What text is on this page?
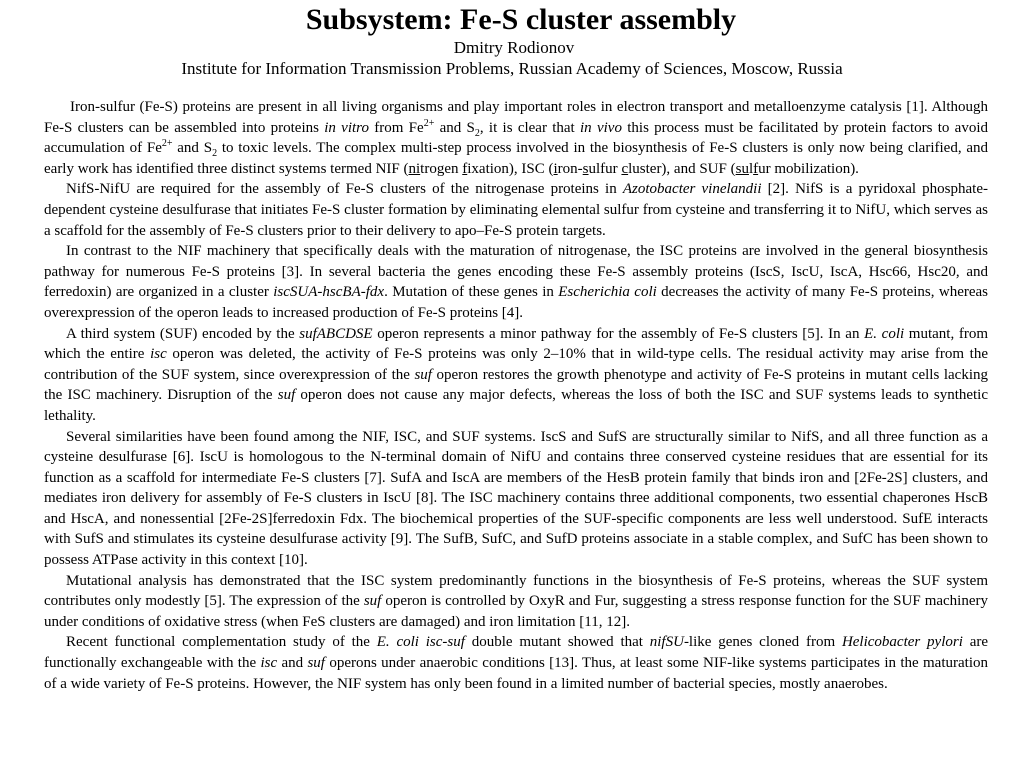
Subsystem: Fe-S cluster assembly
Dmitry Rodionov
Institute for Information Transmission Problems, Russian Academy of Sciences, Moscow, Russia

Iron-sulfur (Fe-S) proteins are present in all living organisms and play important roles in electron transport and metalloenzyme catalysis [1]. Although Fe-S clusters can be assembled into proteins in vitro from $Fe^{2+}$ and $S_2$, it is clear that in vivo this process must be facilitated by protein factors to avoid accumulation of $Fe^{2+}$ and $S_2$ to toxic levels. The complex multi-step process involved in the biosynthesis of Fe-S clusters is only now being clarified, and early work has identified three distinct systems termed NIF (nitrogen fixation), ISC (iron-sulfur cluster), and SUF (sulfur mobilization).

NifS-NifU are required for the assembly of Fe-S clusters of the nitrogenase proteins in Azotobacter vinelandii [2]. NifS is a pyridoxal phosphate-dependent cysteine desulfurase that initiates Fe-S cluster formation by eliminating elemental sulfur from cysteine and transferring it to NifU, which serves as a scaffold for the assembly of Fe-S clusters prior to their delivery to apo–Fe-S protein targets.

In contrast to the NIF machinery that specifically deals with the maturation of nitrogenase, the ISC proteins are involved in the general biosynthesis pathway for numerous Fe-S proteins [3]. In several bacteria the genes encoding these Fe-S assembly proteins (IscS, IscU, IscA, Hsc66, Hsc20, and ferredoxin) are organized in a cluster iscSUA-hscBA-fdx. Mutation of these genes in Escherichia coli decreases the activity of many Fe-S proteins, whereas overexpression of the operon leads to increased production of Fe-S proteins [4].

A third system (SUF) encoded by the sufABCDSE operon represents a minor pathway for the assembly of Fe-S clusters [5]. In an E. coli mutant, from which the entire isc operon was deleted, the activity of Fe-S proteins was only 2–10% that in wild-type cells. The residual activity may arise from the contribution of the SUF system, since overexpression of the suf operon restores the growth phenotype and activity of Fe-S proteins in mutant cells lacking the ISC machinery. Disruption of the suf operon does not cause any major defects, whereas the loss of both the ISC and SUF systems leads to synthetic lethality.

Several similarities have been found among the NIF, ISC, and SUF systems. IscS and SufS are structurally similar to NifS, and all three function as a cysteine desulfurase [6]. IscU is homologous to the N-terminal domain of NifU and contains three conserved cysteine residues that are essential for its function as a scaffold for intermediate Fe-S clusters [7]. SufA and IscA are members of the HesB protein family that binds iron and [2Fe-2S] clusters, and mediates iron delivery for assembly of Fe-S clusters in IscU [8]. The ISC machinery contains three additional components, two essential chaperones HscB and HscA, and nonessential [2Fe-2S]ferredoxin Fdx. The biochemical properties of the SUF-specific components are less well understood. SufE interacts with SufS and stimulates its cysteine desulfurase activity [9]. The SufB, SufC, and SufD proteins associate in a stable complex, and SufC has been shown to possess ATPase activity in this context [10].

Mutational analysis has demonstrated that the ISC system predominantly functions in the biosynthesis of Fe-S proteins, whereas the SUF system contributes only modestly [5]. The expression of the suf operon is controlled by OxyR and Fur, suggesting a stress response function for the SUF machinery under conditions of oxidative stress (when FeS clusters are damaged) and iron limitation [11, 12].

Recent functional complementation study of the E. coli isc-suf double mutant showed that nifSU-like genes cloned from Helicobacter pylori are functionally exchangeable with the isc and suf operons under anaerobic conditions [13]. Thus, at least some NIF-like systems participates in the maturation of a wide variety of Fe-S proteins. However, the NIF system has only been found in a limited number of bacterial species, mostly anaerobes.
